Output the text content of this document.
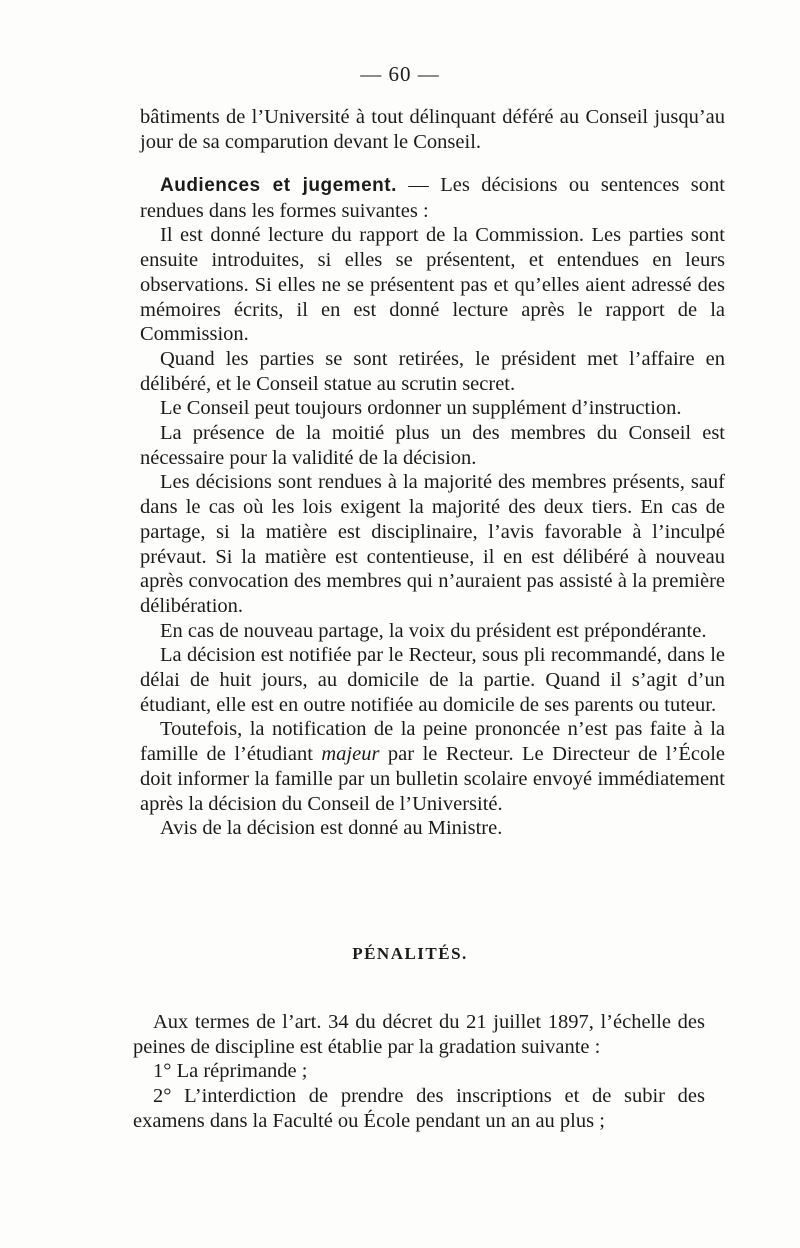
— 60 —

bâtiments de l’Université à tout délinquant déféré au Conseil jusqu’au jour de sa comparution devant le Conseil.

Audiences et jugement. — Les décisions ou sentences sont rendues dans les formes suivantes :

Il est donné lecture du rapport de la Commission. Les parties sont ensuite introduites, si elles se présentent, et entendues en leurs observations. Si elles ne se présentent pas et qu’elles aient adressé des mémoires écrits, il en est donné lecture après le rapport de la Commission.

Quand les parties se sont retirées, le président met l’affaire en délibéré, et le Conseil statue au scrutin secret.

Le Conseil peut toujours ordonner un supplément d’instruction.

La présence de la moitié plus un des membres du Conseil est nécessaire pour la validité de la décision.

Les décisions sont rendues à la majorité des membres présents, sauf dans le cas où les lois exigent la majorité des deux tiers. En cas de partage, si la matière est disciplinaire, l’avis favorable à l’inculpé prévaut. Si la matière est contentieuse, il en est délibéré à nouveau après convocation des membres qui n’auraient pas assisté à la première délibération.

En cas de nouveau partage, la voix du président est prépondérante.

La décision est notifiée par le Recteur, sous pli recommandé, dans le délai de huit jours, au domicile de la partie. Quand il s’agit d’un étudiant, elle est en outre notifiée au domicile de ses parents ou tuteur.

Toutefois, la notification de la peine prononcée n’est pas faite à la famille de l’étudiant majeur par le Recteur. Le Directeur de l’École doit informer la famille par un bulletin scolaire envoyé immédiatement après la décision du Conseil de l’Université.

Avis de la décision est donné au Ministre.

PÉNALITÉS.

Aux termes de l’art. 34 du décret du 21 juillet 1897, l’échelle des peines de discipline est établie par la gradation suivante :

1° La réprimande ;

2° L’interdiction de prendre des inscriptions et de subir des examens dans la Faculté ou École pendant un an au plus ;
